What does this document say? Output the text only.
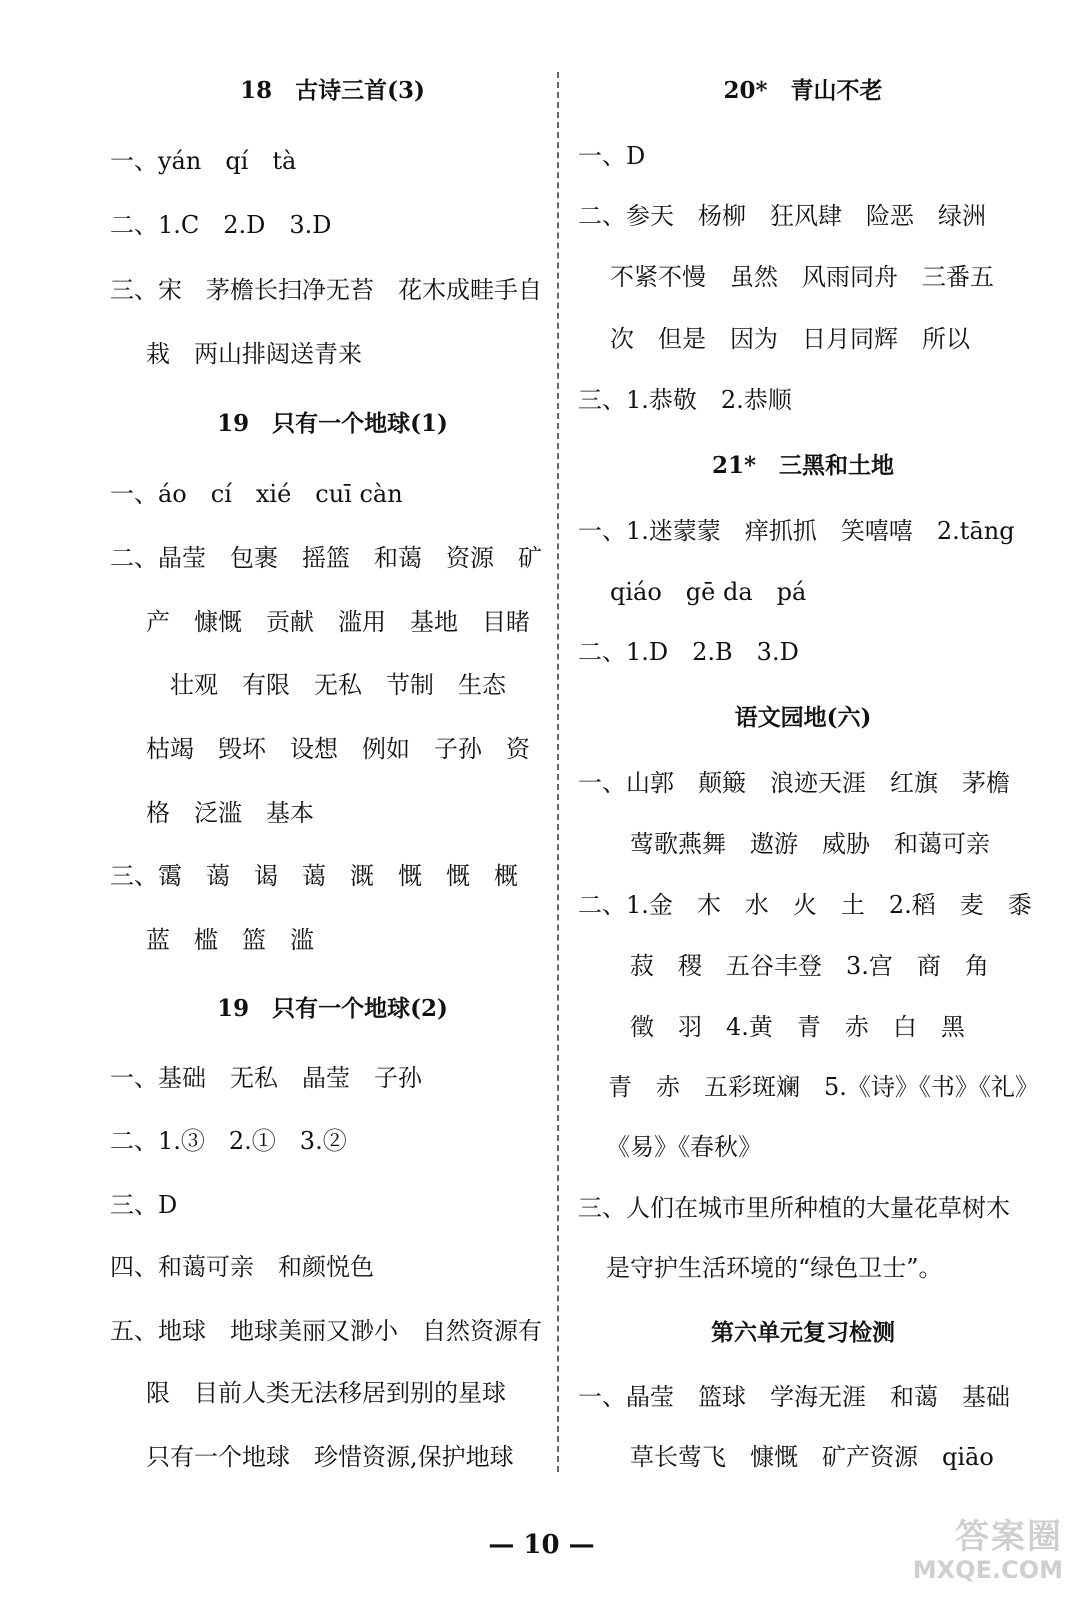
18　古诗三首(3)
一、yán　qí　tà
二、1.C　2.D　3.D
三、宋　茅檐长扫净无苔　花木成畦手自
栽　两山排闼送青来
19　只有一个地球(1)
一、áo　cí　xié　cuī càn
二、晶莹　包裹　摇篮　和蔼　资源　矿
产　慷慨　贡献　滥用　基地　目睹
壮观　有限　无私　节制　生态
枯竭　毁坏　设想　例如　子孙　资
格　泛滥　基本
三、霭　蔼　谒　蔼　溉　慨　慨　概
蓝　槛　篮　滥
19　只有一个地球(2)
一、基础　无私　晶莹　子孙
二、1.③　2.①　3.②
三、D
四、和蔼可亲　和颜悦色
五、地球　地球美丽又渺小　自然资源有
限　目前人类无法移居到别的星球
只有一个地球　珍惜资源,保护地球
20*　青山不老
一、D
二、参天　杨柳　狂风肆　险恶　绿洲
不紧不慢　虽然　风雨同舟　三番五
次　但是　因为　日月同辉　所以
三、1.恭敬　2.恭顺
21*　三黑和土地
一、1.迷蒙蒙　痒抓抓　笑嘻嘻　2.tāng
qiáo　gē da　pá
二、1.D　2.B　3.D
语文园地(六)
一、山郭　颠簸　浪迹天涯　红旗　茅檐
莺歌燕舞　遨游　威胁　和蔼可亲
二、1.金　木　水　火　土　2.稻　麦　黍
菽　稷　五谷丰登　3.宫　商　角
徵　羽　4.黄　青　赤　白　黑
青　赤　五彩斑斓　5.《诗》《书》《礼》
《易》《春秋》
三、人们在城市里所种植的大量花草树木
是守护生活环境的“绿色卫士”。
第六单元复习检测
一、晶莹　篮球　学海无涯　和蔼　基础
草长莺飞　慷慨　矿产资源　qiāo
— 10 —	答案圈
MXQE.COM
